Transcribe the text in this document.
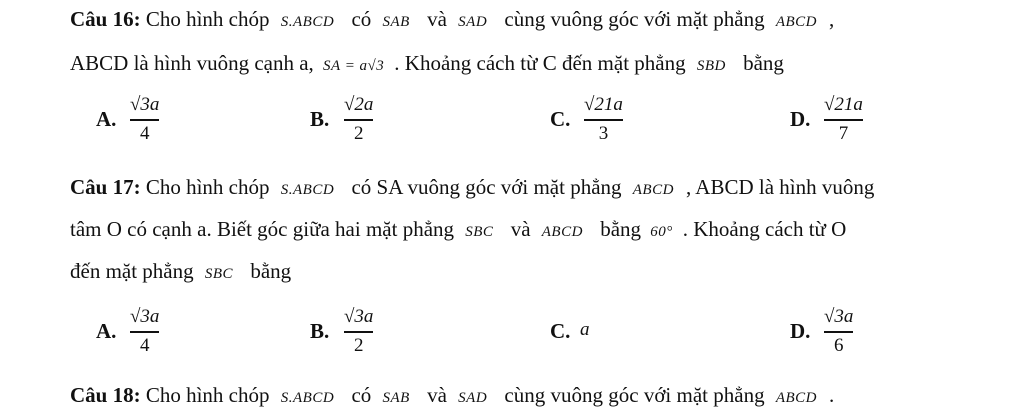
Câu 16: Cho hình chóp S.ABCD có SAB và SAD cùng vuông góc với mặt phẳng ABCD ,
ABCD là hình vuông cạnh a, SA = a√3 . Khoảng cách từ C đến mặt phẳng SBD bằng
A.
√3a
4
B.
√2a
2
C.
√21a
3
D.
√21a
7
Câu 17: Cho hình chóp S.ABCD có SA vuông góc với mặt phẳng ABCD , ABCD là hình vuông
tâm O có cạnh a. Biết góc giữa hai mặt phẳng SBC và ABCD bằng 60° . Khoảng cách từ O
đến mặt phẳng SBC bằng
A.
√3a
4
B.
√3a
2
C. a	D.
√3a
6
Câu 18: Cho hình chóp S.ABCD có SAB và SAD cùng vuông góc với mặt phẳng ABCD .
